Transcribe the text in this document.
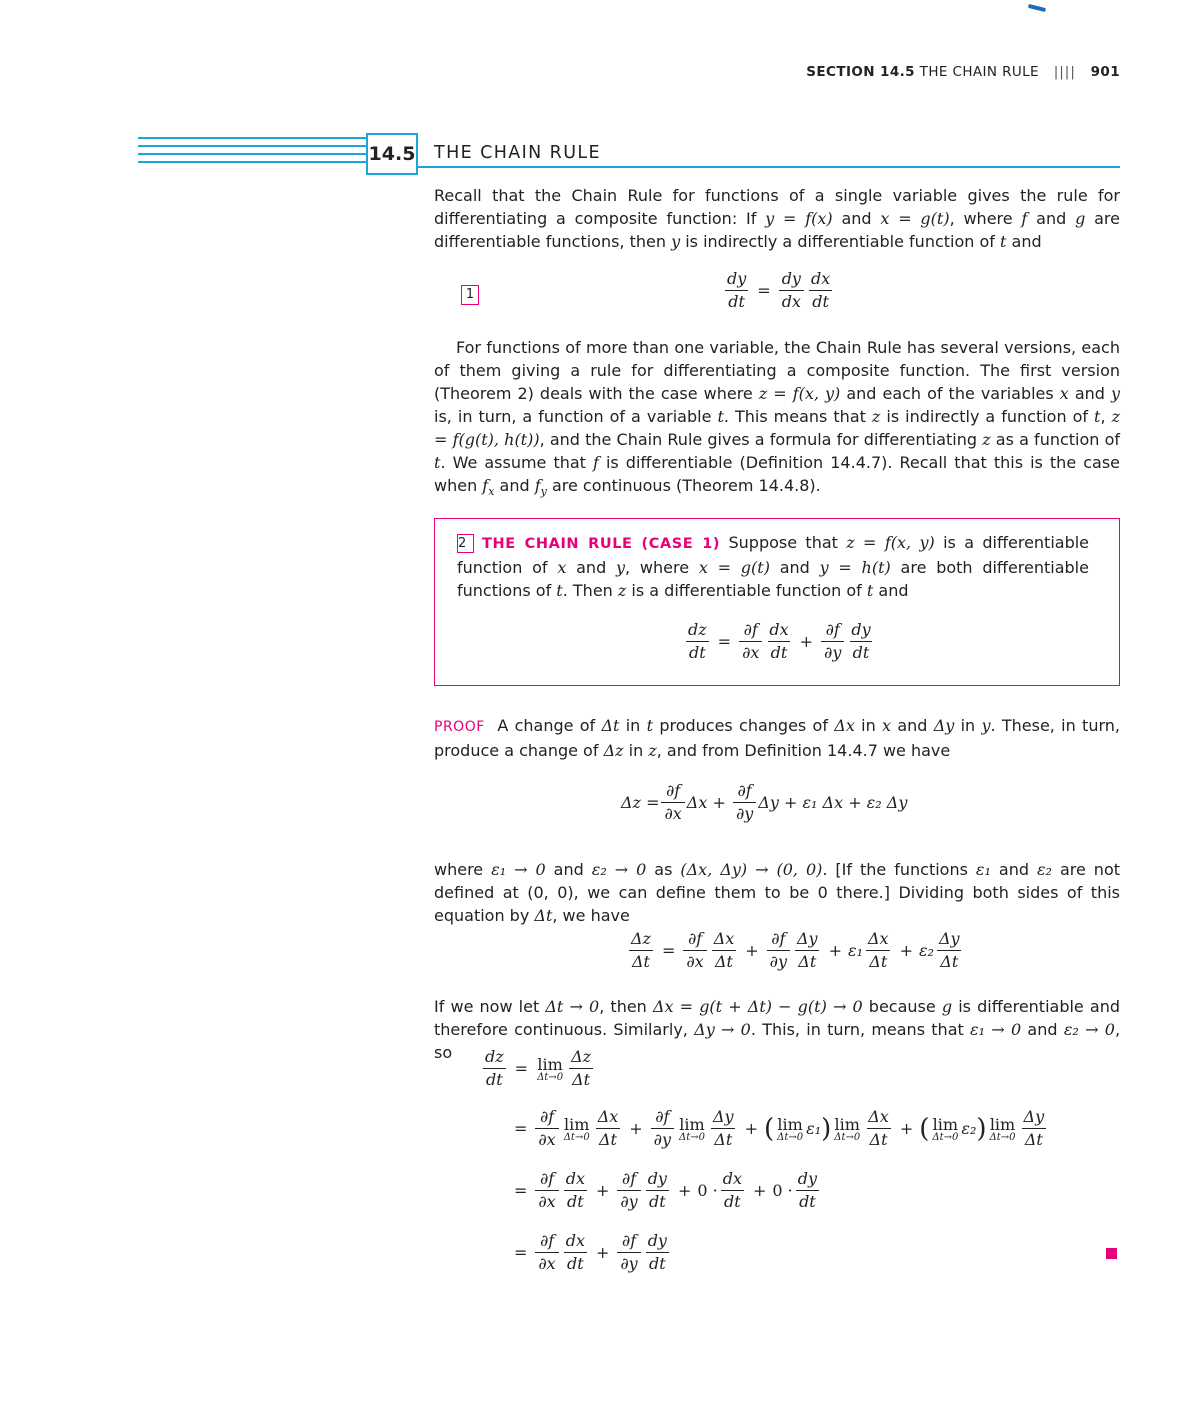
SECTION 14.5 THE CHAIN RULE |||| 901
14.5 THE CHAIN RULE

Recall that the Chain Rule for functions of a single variable gives the rule for differentiating a composite function: If y = f(x) and x = g(t), where f and g are differentiable functions, then y is indirectly a differentiable function of t and

1	$\frac{dy}{dt} = \frac{dy}{dx} \frac{dx}{dt}$

For functions of more than one variable, the Chain Rule has several versions, each of them giving a rule for differentiating a composite function. The first version (Theorem 2) deals with the case where z = f(x, y) and each of the variables x and y is, in turn, a function of a variable t. This means that z is indirectly a function of t, z = f(g(t), h(t)), and the Chain Rule gives a formula for differentiating z as a function of t. We assume that f is differentiable (Definition 14.4.7). Recall that this is the case when $f_x$ and $f_y$ are continuous (Theorem 14.4.8).

2 THE CHAIN RULE (CASE 1) Suppose that z = f(x, y) is a differentiable function of x and y, where x = g(t) and y = h(t) are both differentiable functions of t. Then z is a differentiable function of t and

$\frac{dz}{dt} = \frac{\partial f}{\partial x} \frac{dx}{dt} + \frac{\partial f}{\partial y} \frac{dy}{dt}$

PROOF A change of Δt in t produces changes of Δx in x and Δy in y. These, in turn, produce a change of Δz in z, and from Definition 14.4.7 we have

$\Delta z = \frac{\partial f}{\partial x}$ Δx +
$\frac{\partial f}{\partial y}$ Δy + ε₁ Δx + ε₂ Δy

where ε₁ → 0 and ε₂ → 0 as (Δx, Δy) → (0, 0). [If the functions ε₁ and ε₂ are not defined at (0, 0), we can define them to be 0 there.] Dividing both sides of this equation by Δt, we have

$\frac{\Delta z}{\Delta t} = \frac{\partial f}{\partial x} \frac{\Delta x}{\Delta t} + \frac{\partial f}{\partial y} \frac{\Delta y}{\Delta t} + \varepsilon_1 \frac{\Delta x}{\Delta t} + \varepsilon_2 \frac{\Delta y}{\Delta t}$

If we now let Δt → 0, then Δx = g(t + Δt) − g(t) → 0 because g is differentiable and therefore continuous. Similarly, Δy → 0. This, in turn, means that ε₁ → 0 and ε₂ → 0, so	$\frac{dz}{dt} = \lim$
$\Delta t\to 0 \frac{\Delta z}{\Delta t}$
= $\frac{\partial f}{\partial x}$ lim
$\Delta t\to 0 \frac{\Delta x}{\Delta t} + \frac{\partial f}{\partial y}$ lim
$\Delta t\to 0 \frac{\Delta y}{\Delta t}$ + ( lim
Δt→0 ε₁ ) lim
$\Delta t\to 0 \frac{\Delta x}{\Delta t}$ + ( lim
Δt→0 ε₂ ) lim
$\Delta t\to 0 \frac{\Delta y}{\Delta t}$
= $\frac{\partial f}{\partial x} \frac{dx}{dt} + \frac{\partial f}{\partial y} \frac{dy}{dt} + 0 \cdot \frac{dx}{dt} + 0 \cdot \frac{dy}{dt}$
= $\frac{\partial f}{\partial x} \frac{dx}{dt} + \frac{\partial f}{\partial y} \frac{dy}{dt}$
